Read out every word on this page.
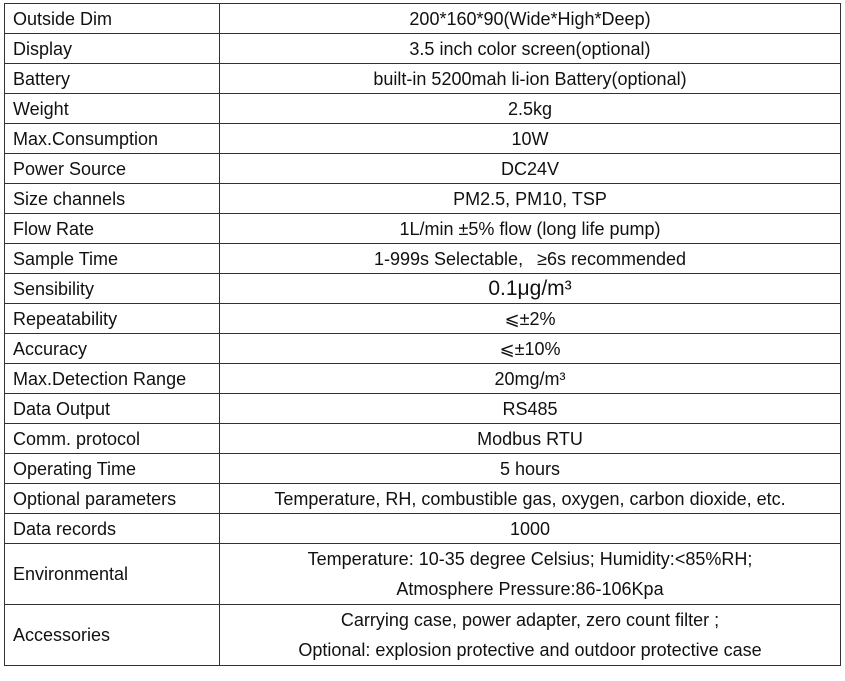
Outside Dim	200*160*90(Wide*High*Deep)
Display	3.5 inch color screen(optional)
Battery	built-in 5200mah li-ion Battery(optional)
Weight	2.5kg
Max.Consumption	10W
Power Source	DC24V
Size channels	PM2.5, PM10, TSP
Flow Rate	1L/min ±5% flow (long life pump)
Sample Time	1-999s Selectable,  ≥6s recommended
Sensibility	0.1μg/m³
Repeatability	⩽±2%
Accuracy	⩽±10%
Max.Detection Range	20mg/m³
Data Output	RS485
Comm. protocol	Modbus RTU
Operating Time	5 hours
Optional parameters	Temperature, RH, combustible gas, oxygen, carbon dioxide, etc.
Data records	1000
Environmental	Temperature: 10-35 degree Celsius; Humidity:<85%RH;
Atmosphere Pressure:86-106Kpa

Accessories	Carrying case, power adapter, zero count filter ;
Optional: explosion protective and outdoor protective case
